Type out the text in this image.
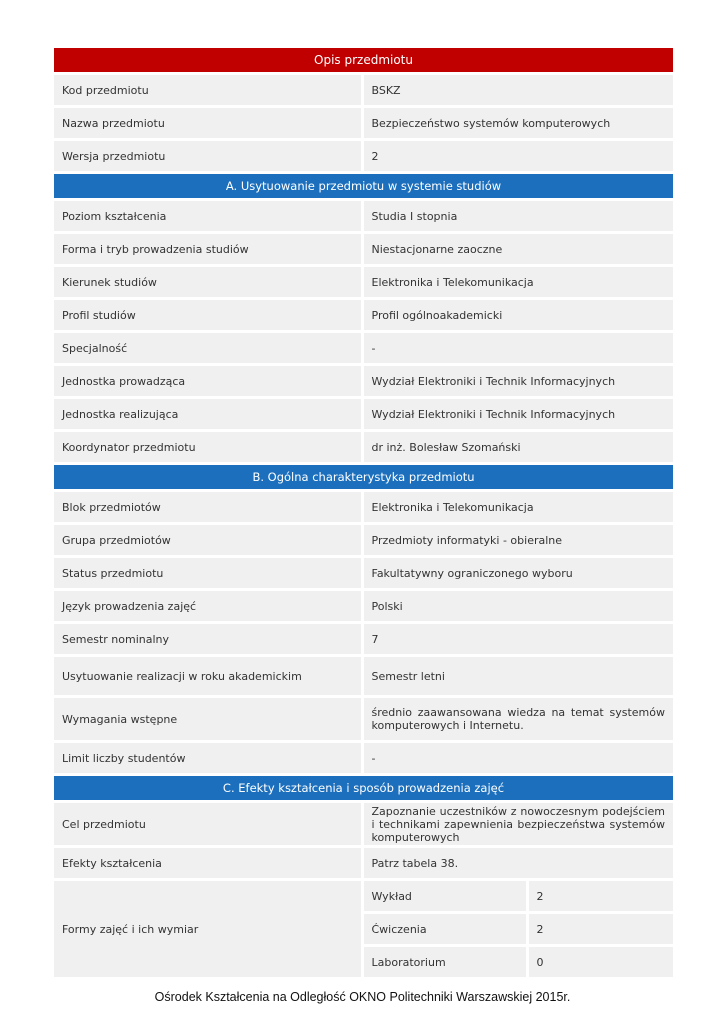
Opis przedmiotu
Kod przedmiotu	BSKZ
Nazwa przedmiotu	Bezpieczeństwo systemów komputerowych
Wersja przedmiotu	2
A. Usytuowanie przedmiotu w systemie studiów
Poziom kształcenia	Studia I stopnia
Forma i tryb prowadzenia studiów	Niestacjonarne zaoczne
Kierunek studiów	Elektronika i Telekomunikacja
Profil studiów	Profil ogólnoakademicki
Specjalność	-
Jednostka prowadząca	Wydział Elektroniki i Technik Informacyjnych
Jednostka realizująca	Wydział Elektroniki i Technik Informacyjnych
Koordynator przedmiotu	dr inż. Bolesław Szomański
B. Ogólna charakterystyka przedmiotu
Blok przedmiotów	Elektronika i Telekomunikacja
Grupa przedmiotów	Przedmioty informatyki - obieralne
Status przedmiotu	Fakultatywny ograniczonego wyboru
Język prowadzenia zajęć	Polski
Semestr nominalny	7
Usytuowanie realizacji w roku akademickim	Semestr letni
Wymagania wstępne	średnio zaawansowana wiedza na temat systemów komputerowych i Internetu.
Limit liczby studentów	-
C. Efekty kształcenia i sposób prowadzenia zajęć
Cel przedmiotu	Zapoznanie uczestników z nowoczesnym podejściem i technikami zapewnienia bezpieczeństwa systemów komputerowych
Efekty kształcenia	Patrz tabela 38.
Formy zajęć i ich wymiar	
Wykład	2
Ćwiczenia	2
Laboratorium	0
Ośrodek Kształcenia na Odległość OKNO Politechniki Warszawskiej 2015r.
